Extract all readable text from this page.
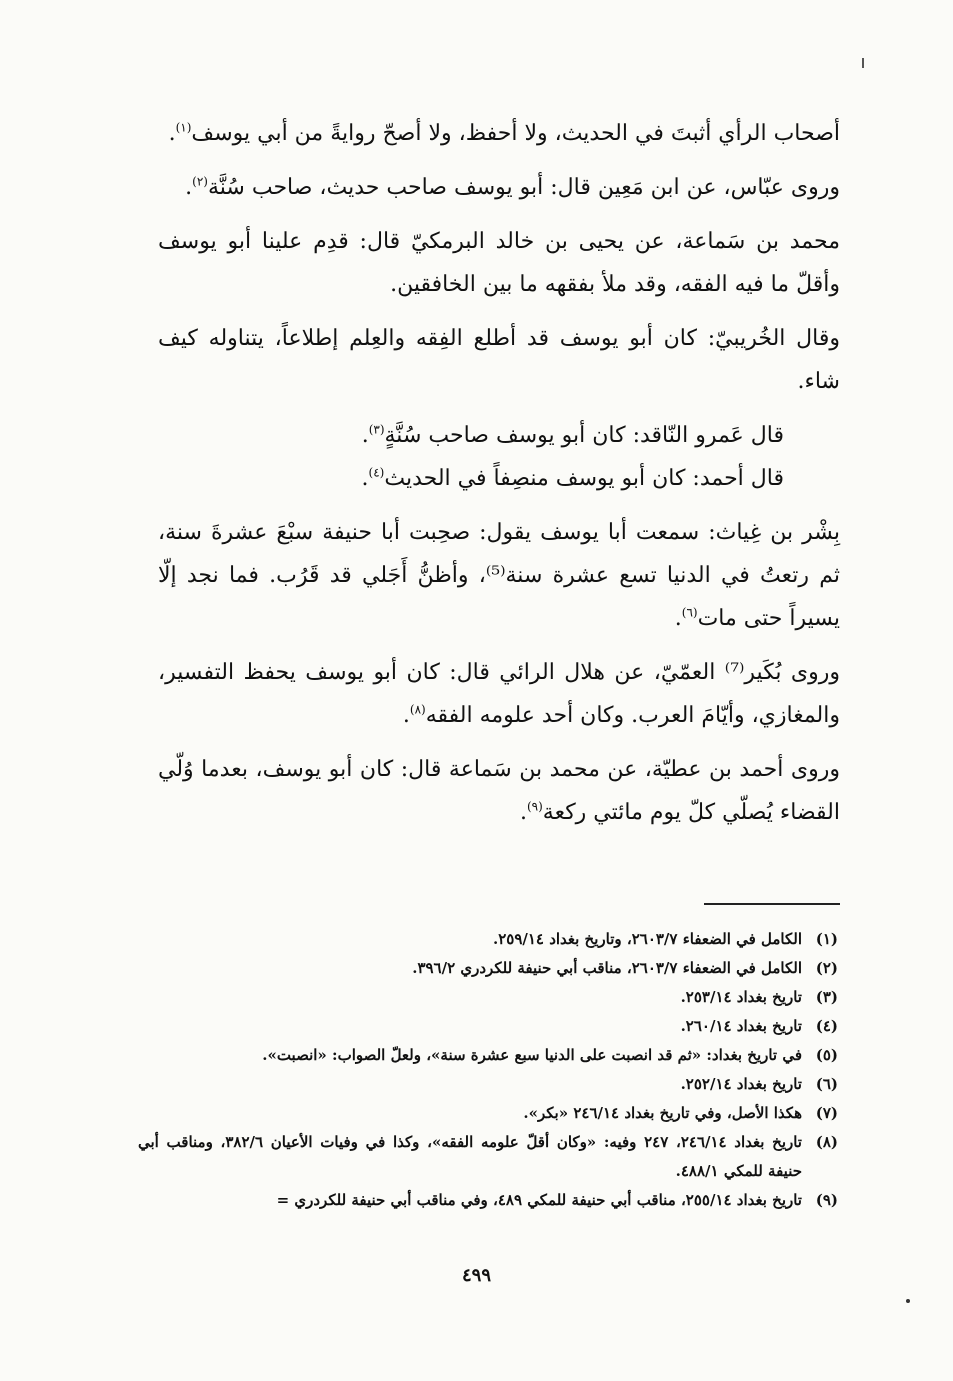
أصحاب الرأي أثبتَ في الحديث، ولا أحفظ، ولا أصحّ روايةً من أبي يوسف$^{(١)}$.

وروى عبّاس، عن ابن مَعِين قال: أبو يوسف صاحب حديث، صاحب سُنَّة$^{(٢)}$.

محمد بن سَماعة، عن يحيى بن خالد البرمكيّ قال: قدِم علينا أبو يوسف وأقلّ ما فيه الفقه، وقد ملأ بفقهه ما بين الخافقين.

وقال الخُريبيّ: كان أبو يوسف قد أطلع الفِقه والعِلم إطلاعاً، يتناوله كيف شاء.

قال عَمرو النّاقد: كان أبو يوسف صاحب سُنَّةٍ$^{(٣)}$.

قال أحمد: كان أبو يوسف منصِفاً في الحديث$^{(٤)}$.

بِشْر بن غِياث: سمعت أبا يوسف يقول: صحِبت أبا حنيفة سبْعَ عشرةَ سنة، ثم رتعتُ في الدنيا تسع عشرة سنة⁽⁵⁾، وأظنُّ أَجَلي قد قَرُب. فما نجد إلّا يسيراً حتى مات$^{(٦)}$.

وروى بُكَير⁽⁷⁾ العمّيّ، عن هلال الرائي قال: كان أبو يوسف يحفظ التفسير، والمغازي، وأيّامَ العرب. وكان أحد علومه الفقه$^{(٨)}$.

وروى أحمد بن عطيّة، عن محمد بن سَماعة قال: كان أبو يوسف، بعدما وُلّي القضاء يُصلّي كلّ يوم مائتي ركعة$^{(٩)}$.

(١)
الكامل في الضعفاء ٢٦٠٣/٧، وتاريخ بغداد ٢٥٩/١٤.
(٢)
الكامل في الضعفاء ٢٦٠٣/٧، مناقب أبي حنيفة للكردري ٣٩٦/٢.
(٣)
تاريخ بغداد ٢٥٣/١٤.
(٤)
تاريخ بغداد ٢٦٠/١٤.
(٥)
في تاريخ بغداد: «ثم قد انصبت على الدنيا سبع عشرة سنة»، ولعلّ الصواب: «انصبت».
(٦)
تاريخ بغداد ٢٥٢/١٤.
(٧)
هكذا الأصل، وفي تاريخ بغداد ٢٤٦/١٤ «بكر».
(٨)
تاريخ بغداد ٢٤٦/١٤، ٢٤٧ وفيه: «وكان أقلّ علومه الفقه»، وكذا في وفيات الأعيان ٣٨٢/٦، ومناقب أبي حنيفة للمكي ٤٨٨/١.
(٩)
تاريخ بغداد ٢٥٥/١٤، مناقب أبي حنيفة للمكي ٤٨٩، وفي مناقب أبي حنيفة للكردري =
٤٩٩
